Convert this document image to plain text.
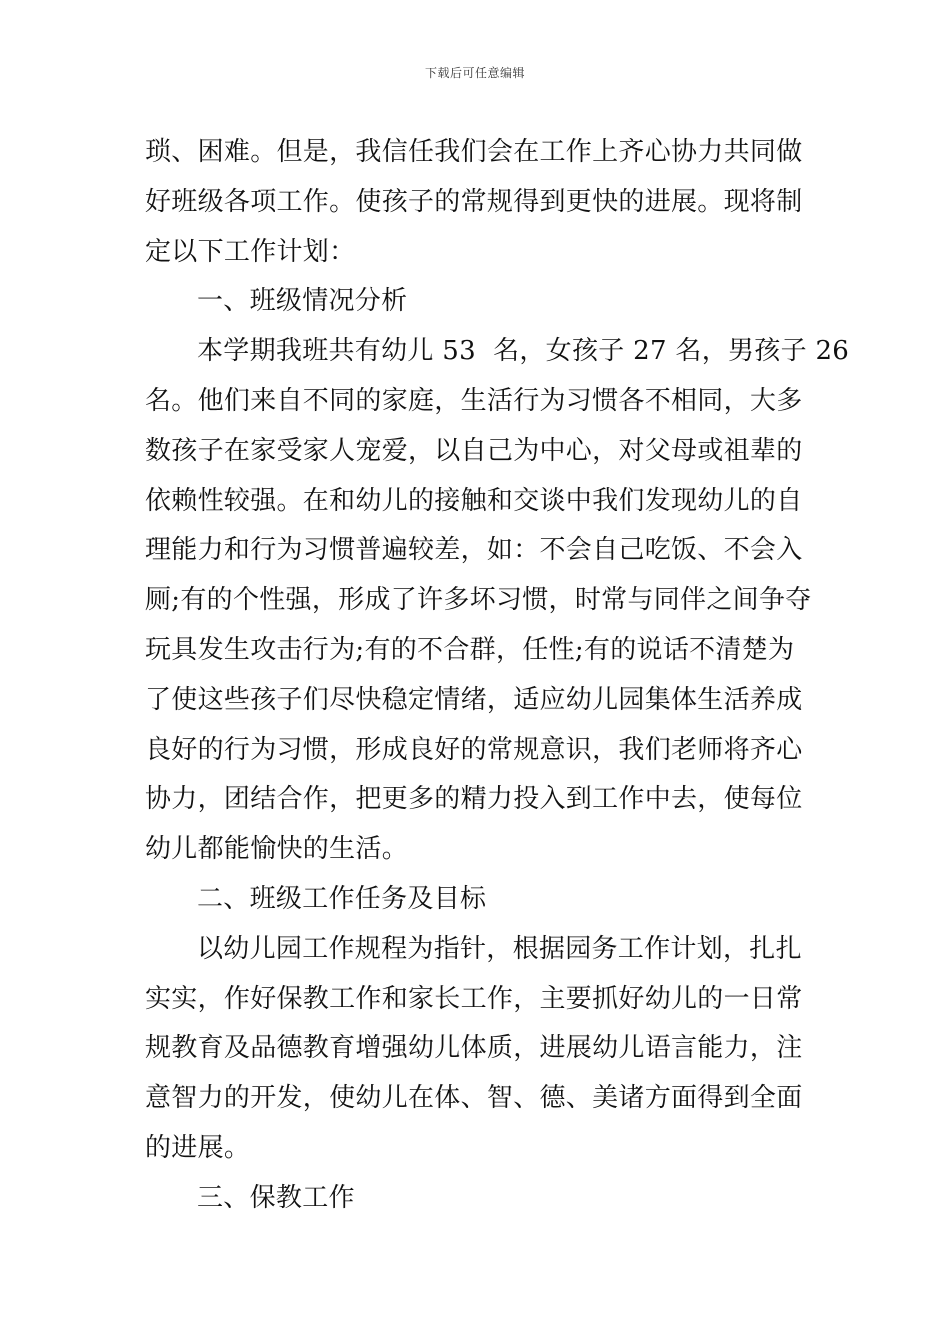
下载后可任意编辑
琐、困难。但是，我信任我们会在工作上齐心协力共同做
好班级各项工作。使孩子的常规得到更快的进展。现将制
定以下工作计划：
一、班级情况分析
本学期我班共有幼儿 53  名，女孩子 27 名，男孩子 26
名。他们来自不同的家庭，生活行为习惯各不相同，大多
数孩子在家受家人宠爱，以自己为中心，对父母或祖辈的
依赖性较强。在和幼儿的接触和交谈中我们发现幼儿的自
理能力和行为习惯普遍较差，如：不会自己吃饭、不会入
厕;有的个性强，形成了许多坏习惯，时常与同伴之间争夺
玩具发生攻击行为;有的不合群，任性;有的说话不清楚为
了使这些孩子们尽快稳定情绪，适应幼儿园集体生活养成
良好的行为习惯，形成良好的常规意识，我们老师将齐心
协力，团结合作，把更多的精力投入到工作中去，使每位
幼儿都能愉快的生活。
二、班级工作任务及目标
以幼儿园工作规程为指针，根据园务工作计划，扎扎
实实，作好保教工作和家长工作，主要抓好幼儿的一日常
规教育及品德教育增强幼儿体质，进展幼儿语言能力，注
意智力的开发，使幼儿在体、智、德、美诸方面得到全面
的进展。
三、保教工作
